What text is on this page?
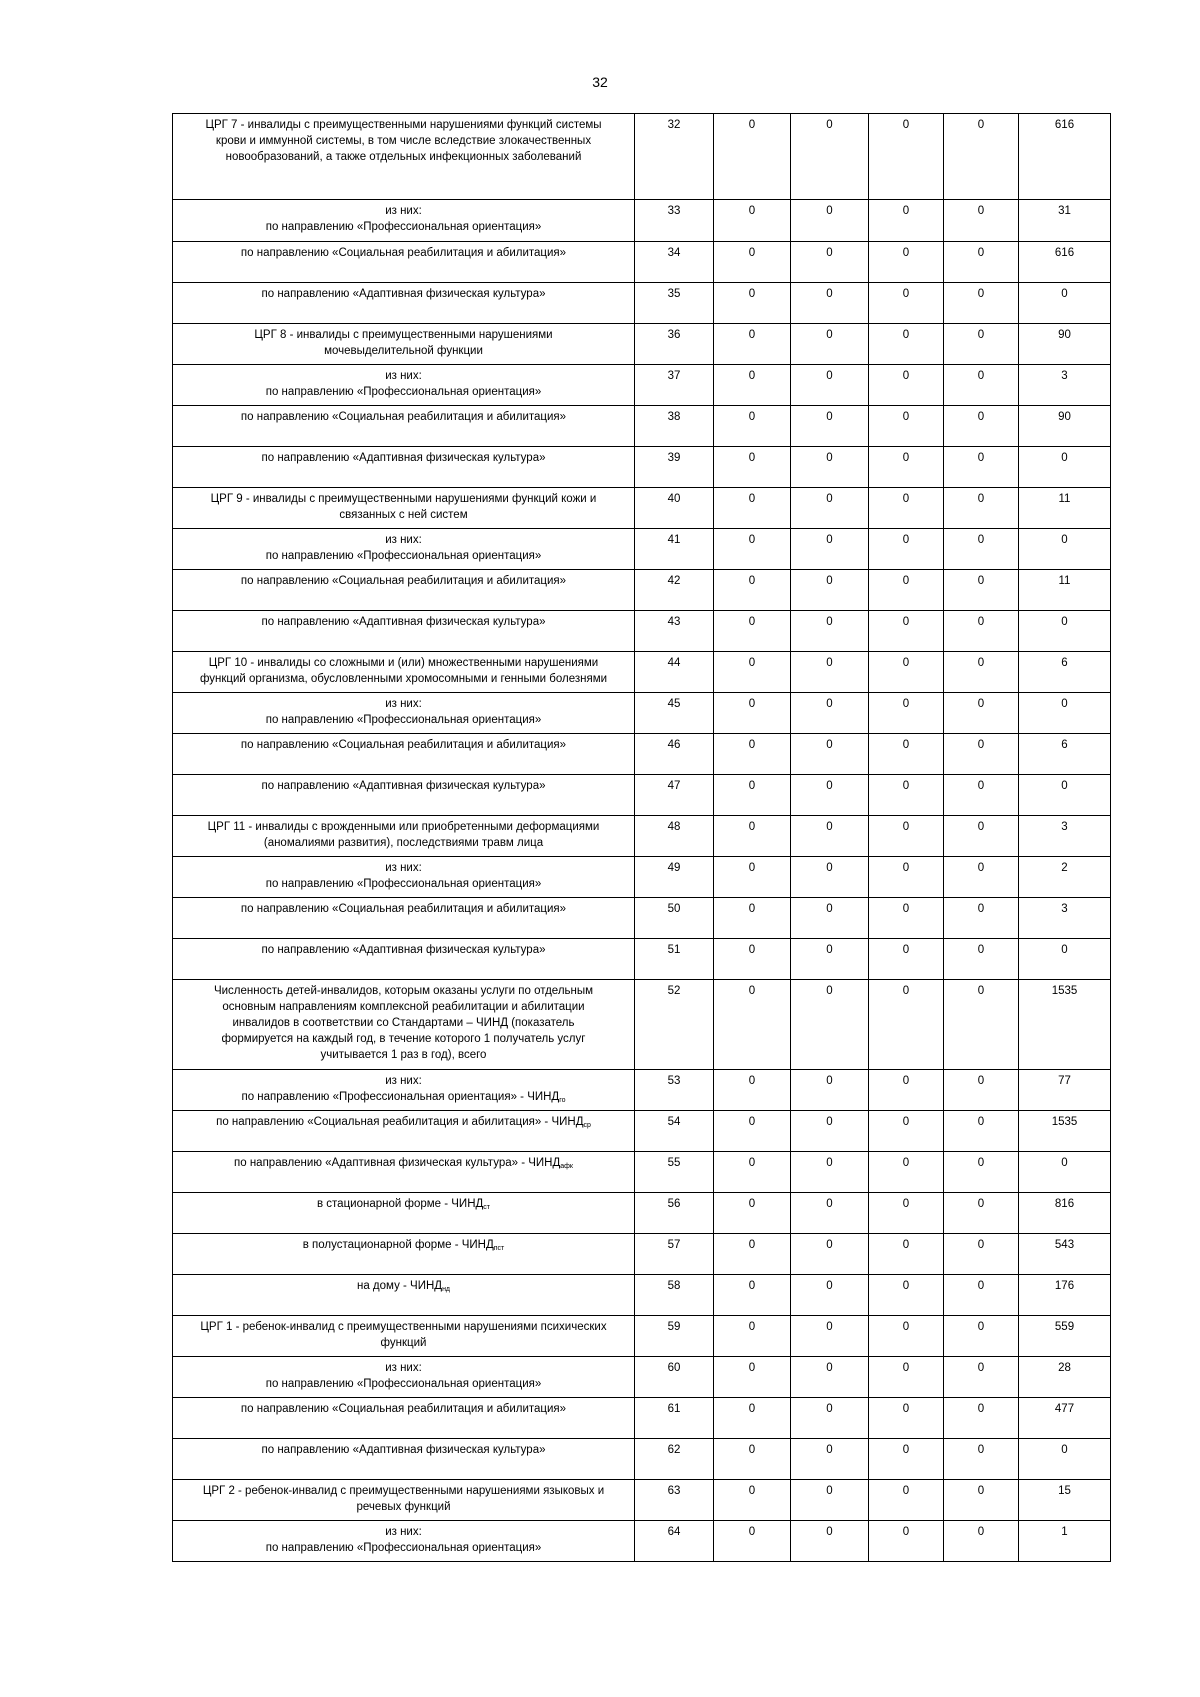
32
ЦРГ 7 - инвалиды с преимущественными нарушениями функций системы
крови и иммунной системы, в том числе вследствие злокачественных
новообразований, а также отдельных инфекционных заболеваний	32	0	0	0	0	616
из них:
по направлению «Профессиональная ориентация»	33	0	0	0	0	31
по направлению «Социальная реабилитация и абилитация»	34	0	0	0	0	616
по направлению «Адаптивная физическая культура»	35	0	0	0	0	0
ЦРГ 8 - инвалиды с преимущественными нарушениями
мочевыделительной функции	36	0	0	0	0	90
из них:
по направлению «Профессиональная ориентация»	37	0	0	0	0	3
по направлению «Социальная реабилитация и абилитация»	38	0	0	0	0	90
по направлению «Адаптивная физическая культура»	39	0	0	0	0	0
ЦРГ 9 - инвалиды с преимущественными нарушениями функций кожи и
связанных с ней систем	40	0	0	0	0	11
из них:
по направлению «Профессиональная ориентация»	41	0	0	0	0	0
по направлению «Социальная реабилитация и абилитация»	42	0	0	0	0	11
по направлению «Адаптивная физическая культура»	43	0	0	0	0	0
ЦРГ 10 - инвалиды со сложными и (или) множественными нарушениями
функций организма, обусловленными хромосомными и генными болезнями	44	0	0	0	0	6
из них:
по направлению «Профессиональная ориентация»	45	0	0	0	0	0
по направлению «Социальная реабилитация и абилитация»	46	0	0	0	0	6
по направлению «Адаптивная физическая культура»	47	0	0	0	0	0
ЦРГ 11 - инвалиды с врожденными или приобретенными деформациями
(аномалиями развития), последствиями травм лица	48	0	0	0	0	3
из них:
по направлению «Профессиональная ориентация»	49	0	0	0	0	2
по направлению «Социальная реабилитация и абилитация»	50	0	0	0	0	3
по направлению «Адаптивная физическая культура»	51	0	0	0	0	0
Численность детей-инвалидов, которым оказаны услуги по отдельным
основным направлениям комплексной реабилитации и абилитации
инвалидов в соответствии со Стандартами – ЧИНД (показатель
формируется на каждый год, в течение которого 1 получатель услуг
учитывается 1 раз в год), всего	52	0	0	0	0	1535
из них:
по направлению «Профессиональная ориентация» - $ЧИНД_{го}$	53	0	0	0	0	77
по направлению «Социальная реабилитация и абилитация» - $ЧИНД_{ср}$	54	0	0	0	0	1535
по направлению «Адаптивная физическая культура» - $ЧИНД_{афк}$	55	0	0	0	0	0
в стационарной форме - $ЧИНД_{ст}$	56	0	0	0	0	816
в полустационарной форме - $ЧИНД_{пст}$	57	0	0	0	0	543
на дому - $ЧИНД_{нд}$	58	0	0	0	0	176
ЦРГ 1 - ребенок-инвалид с преимущественными нарушениями психических
функций	59	0	0	0	0	559
из них:
по направлению «Профессиональная ориентация»	60	0	0	0	0	28
по направлению «Социальная реабилитация и абилитация»	61	0	0	0	0	477
по направлению «Адаптивная физическая культура»	62	0	0	0	0	0
ЦРГ 2 - ребенок-инвалид с преимущественными нарушениями языковых и
речевых функций	63	0	0	0	0	15
из них:
по направлению «Профессиональная ориентация»	64	0	0	0	0	1
